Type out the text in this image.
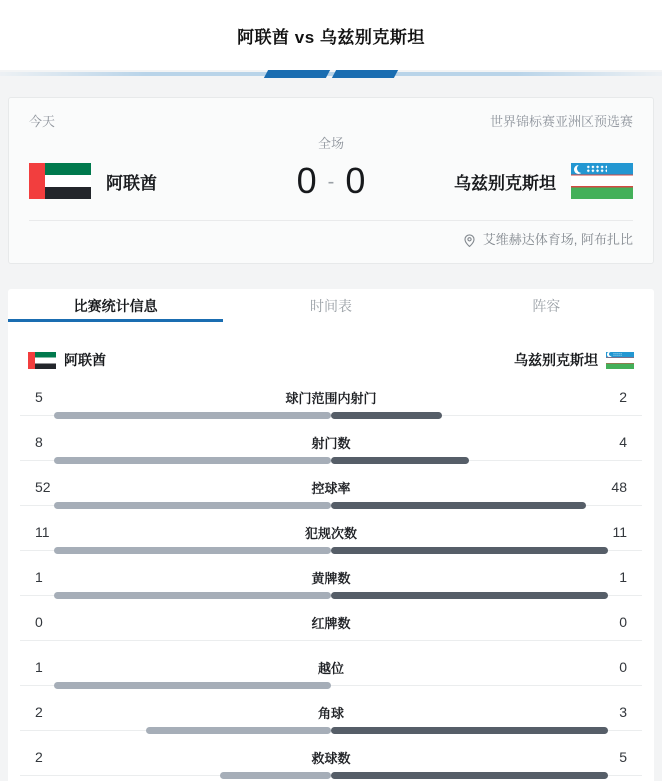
阿联酋 vs 乌兹别克斯坦
今天	世界锦标赛亚洲区预选赛
全场
阿联酋	0 - 0	乌兹别克斯坦
艾维赫达体育场, 阿布扎比
比赛统计信息	时间表	阵容
阿联酋	乌兹别克斯坦
5	球门范围内射门	2
8	射门数	4
52	控球率	48
11	犯规次数	11
1	黄牌数	1
0	红牌数	0
1	越位	0
2	角球	3
2	救球数	5
